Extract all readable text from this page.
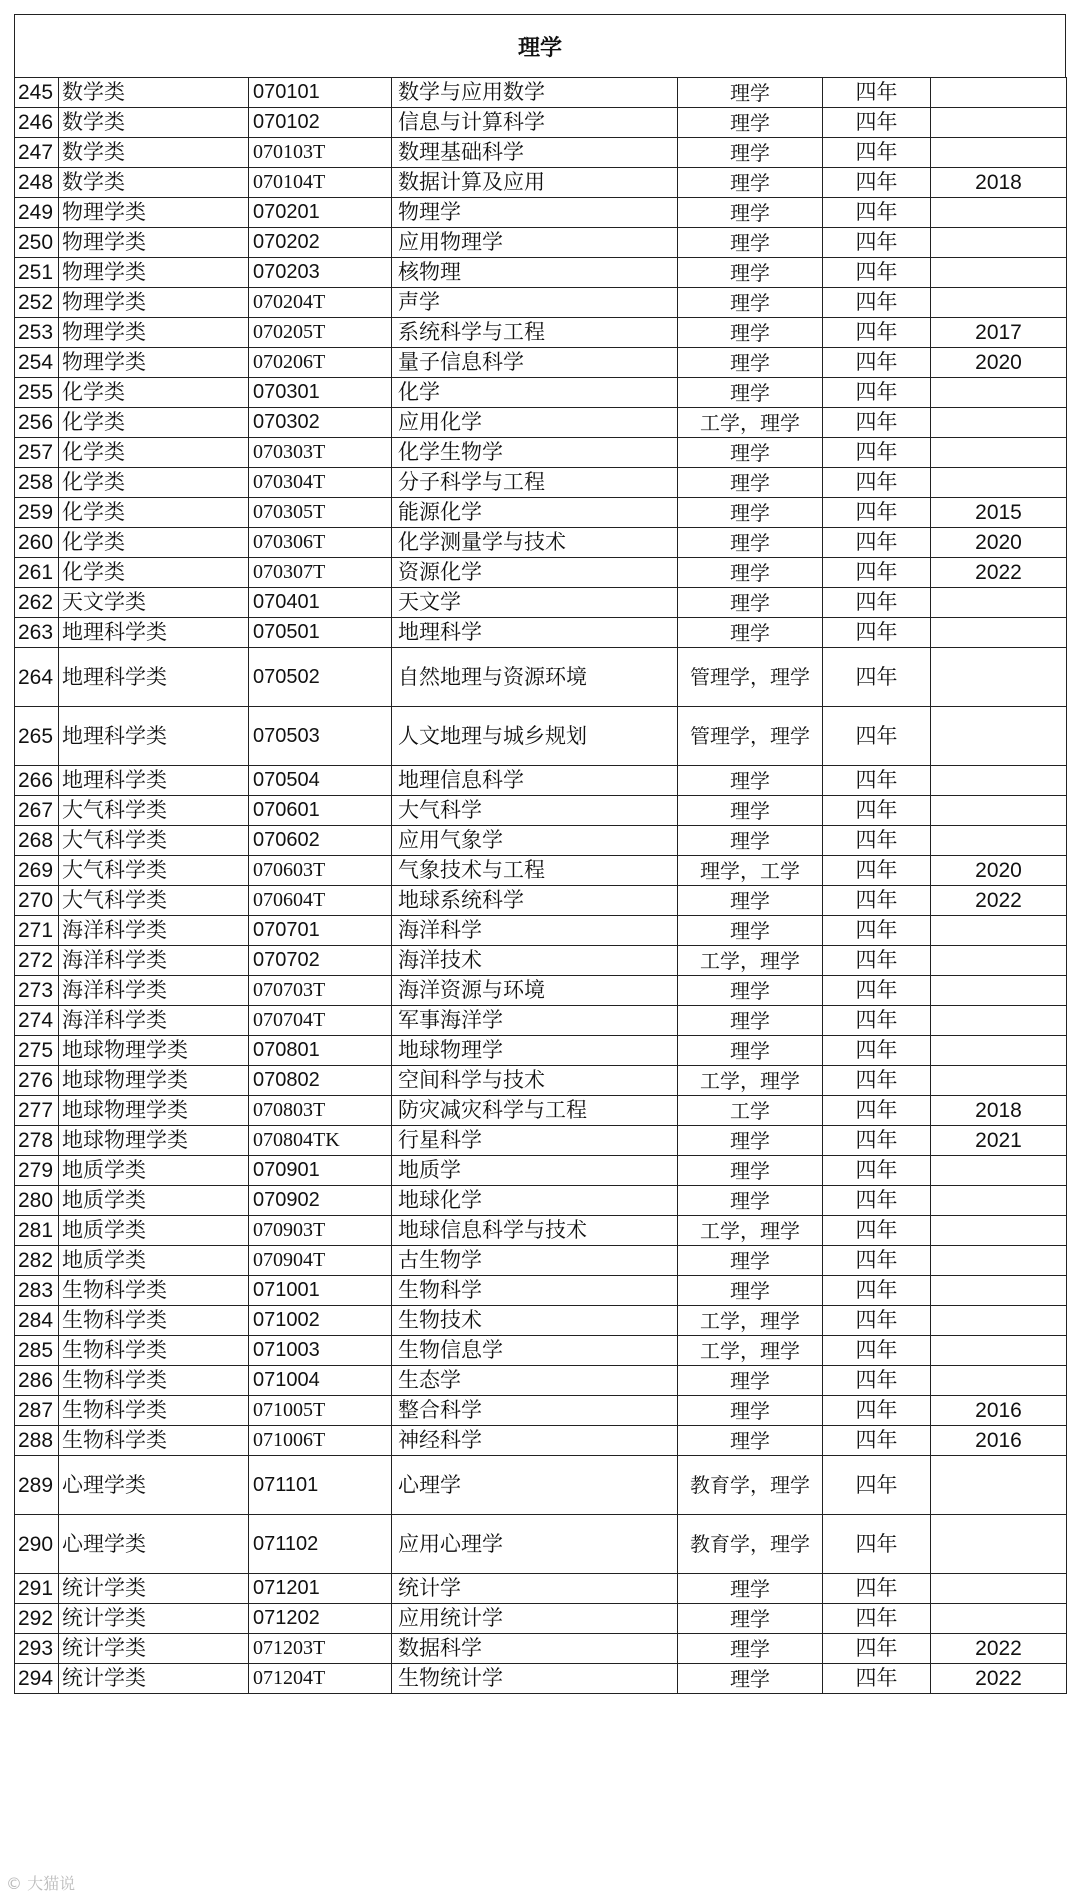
理学
245	数学类	070101	数学与应用数学	理学	四年	
246	数学类	070102	信息与计算科学	理学	四年	
247	数学类	070103T	数理基础科学	理学	四年	
248	数学类	070104T	数据计算及应用	理学	四年	2018
249	物理学类	070201	物理学	理学	四年	
250	物理学类	070202	应用物理学	理学	四年	
251	物理学类	070203	核物理	理学	四年	
252	物理学类	070204T	声学	理学	四年	
253	物理学类	070205T	系统科学与工程	理学	四年	2017
254	物理学类	070206T	量子信息科学	理学	四年	2020
255	化学类	070301	化学	理学	四年	
256	化学类	070302	应用化学	工学，理学	四年	
257	化学类	070303T	化学生物学	理学	四年	
258	化学类	070304T	分子科学与工程	理学	四年	
259	化学类	070305T	能源化学	理学	四年	2015
260	化学类	070306T	化学测量学与技术	理学	四年	2020
261	化学类	070307T	资源化学	理学	四年	2022
262	天文学类	070401	天文学	理学	四年	
263	地理科学类	070501	地理科学	理学	四年	
264	地理科学类	070502	自然地理与资源环境	管理学，理学	四年	
265	地理科学类	070503	人文地理与城乡规划	管理学，理学	四年	
266	地理科学类	070504	地理信息科学	理学	四年	
267	大气科学类	070601	大气科学	理学	四年	
268	大气科学类	070602	应用气象学	理学	四年	
269	大气科学类	070603T	气象技术与工程	理学，工学	四年	2020
270	大气科学类	070604T	地球系统科学	理学	四年	2022
271	海洋科学类	070701	海洋科学	理学	四年	
272	海洋科学类	070702	海洋技术	工学，理学	四年	
273	海洋科学类	070703T	海洋资源与环境	理学	四年	
274	海洋科学类	070704T	军事海洋学	理学	四年	
275	地球物理学类	070801	地球物理学	理学	四年	
276	地球物理学类	070802	空间科学与技术	工学，理学	四年	
277	地球物理学类	070803T	防灾减灾科学与工程	工学	四年	2018
278	地球物理学类	070804TK	行星科学	理学	四年	2021
279	地质学类	070901	地质学	理学	四年	
280	地质学类	070902	地球化学	理学	四年	
281	地质学类	070903T	地球信息科学与技术	工学，理学	四年	
282	地质学类	070904T	古生物学	理学	四年	
283	生物科学类	071001	生物科学	理学	四年	
284	生物科学类	071002	生物技术	工学，理学	四年	
285	生物科学类	071003	生物信息学	工学，理学	四年	
286	生物科学类	071004	生态学	理学	四年	
287	生物科学类	071005T	整合科学	理学	四年	2016
288	生物科学类	071006T	神经科学	理学	四年	2016
289	心理学类	071101	心理学	教育学，理学	四年	
290	心理学类	071102	应用心理学	教育学，理学	四年	
291	统计学类	071201	统计学	理学	四年	
292	统计学类	071202	应用统计学	理学	四年	
293	统计学类	071203T	数据科学	理学	四年	2022
294	统计学类	071204T	生物统计学	理学	四年	2022
© 大猫说
